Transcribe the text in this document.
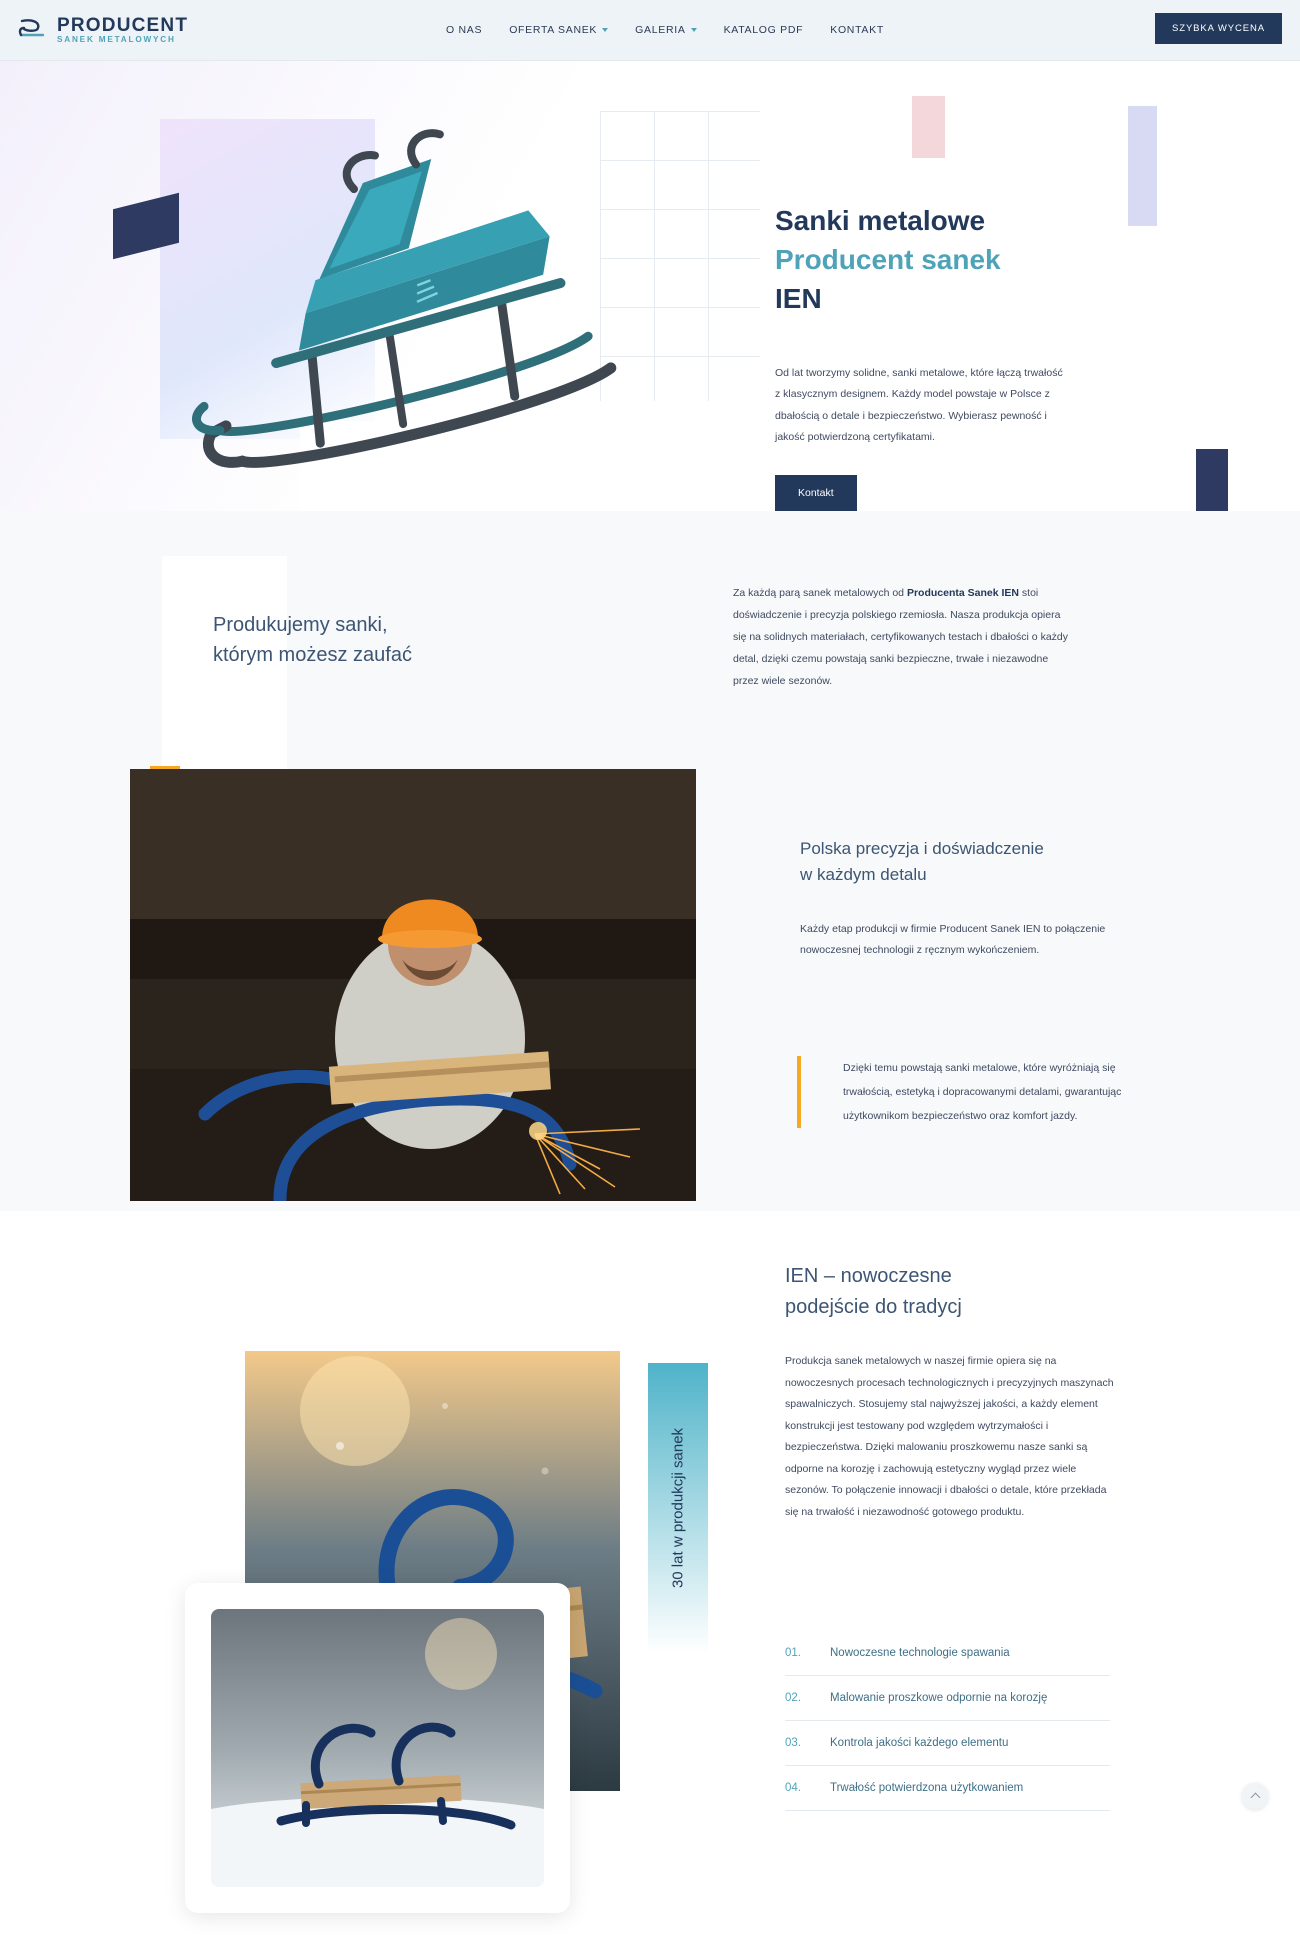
PRODUCENT
SANEK METALOWYCH
O NAS	OFERTA SANEK	GALERIA	KATALOG PDF	KONTAKT	SZYBKA WYCENA
Sanki metalowe
Producent sanek
IEN
Od lat tworzymy solidne, sanki metalowe, które łączą trwałość z klasycznym designem. Każdy model powstaje w Polsce z dbałością o detale i bezpieczeństwo. Wybierasz pewność i jakość potwierdzoną certyfikatami.
Kontakt
Produkujemy sanki,
którym możesz zaufać
Za każdą parą sanek metalowych od Producenta Sanek IEN stoi doświadczenie i precyzja polskiego rzemiosła. Nasza produkcja opiera się na solidnych materiałach, certyfikowanych testach i dbałości o każdy detal, dzięki czemu powstają sanki bezpieczne, trwałe i niezawodne przez wiele sezonów.
Polska precyzja i doświadczenie
w każdym detalu

Każdy etap produkcji w firmie Producent Sanek IEN to połączenie nowoczesnej technologii z ręcznym wykończeniem.

Dzięki temu powstają sanki metalowe, które wyróżniają się trwałością, estetyką i dopracowanymi detalami, gwarantując użytkownikom bezpieczeństwo oraz komfort jazdy.
IEN – nowoczesne
podejście do tradycj
Produkcja sanek metalowych w naszej firmie opiera się na nowoczesnych procesach technologicznych i precyzyjnych maszynach spawalniczych. Stosujemy stal najwyższej jakości, a każdy element konstrukcji jest testowany pod względem wytrzymałości i bezpieczeństwa. Dzięki malowaniu proszkowemu nasze sanki są odporne na korozję i zachowują estetyczny wygląd przez wiele sezonów. To połączenie innowacji i dbałości o detale, które przekłada się na trwałość i niezawodność gotowego produktu.
30 lat w produkcji sanek
01.	Nowoczesne technologie spawania
02.	Malowanie proszkowe odpornie na korozję
03.	Kontrola jakości każdego elementu
04.	Trwałość potwierdzona użytkowaniem
